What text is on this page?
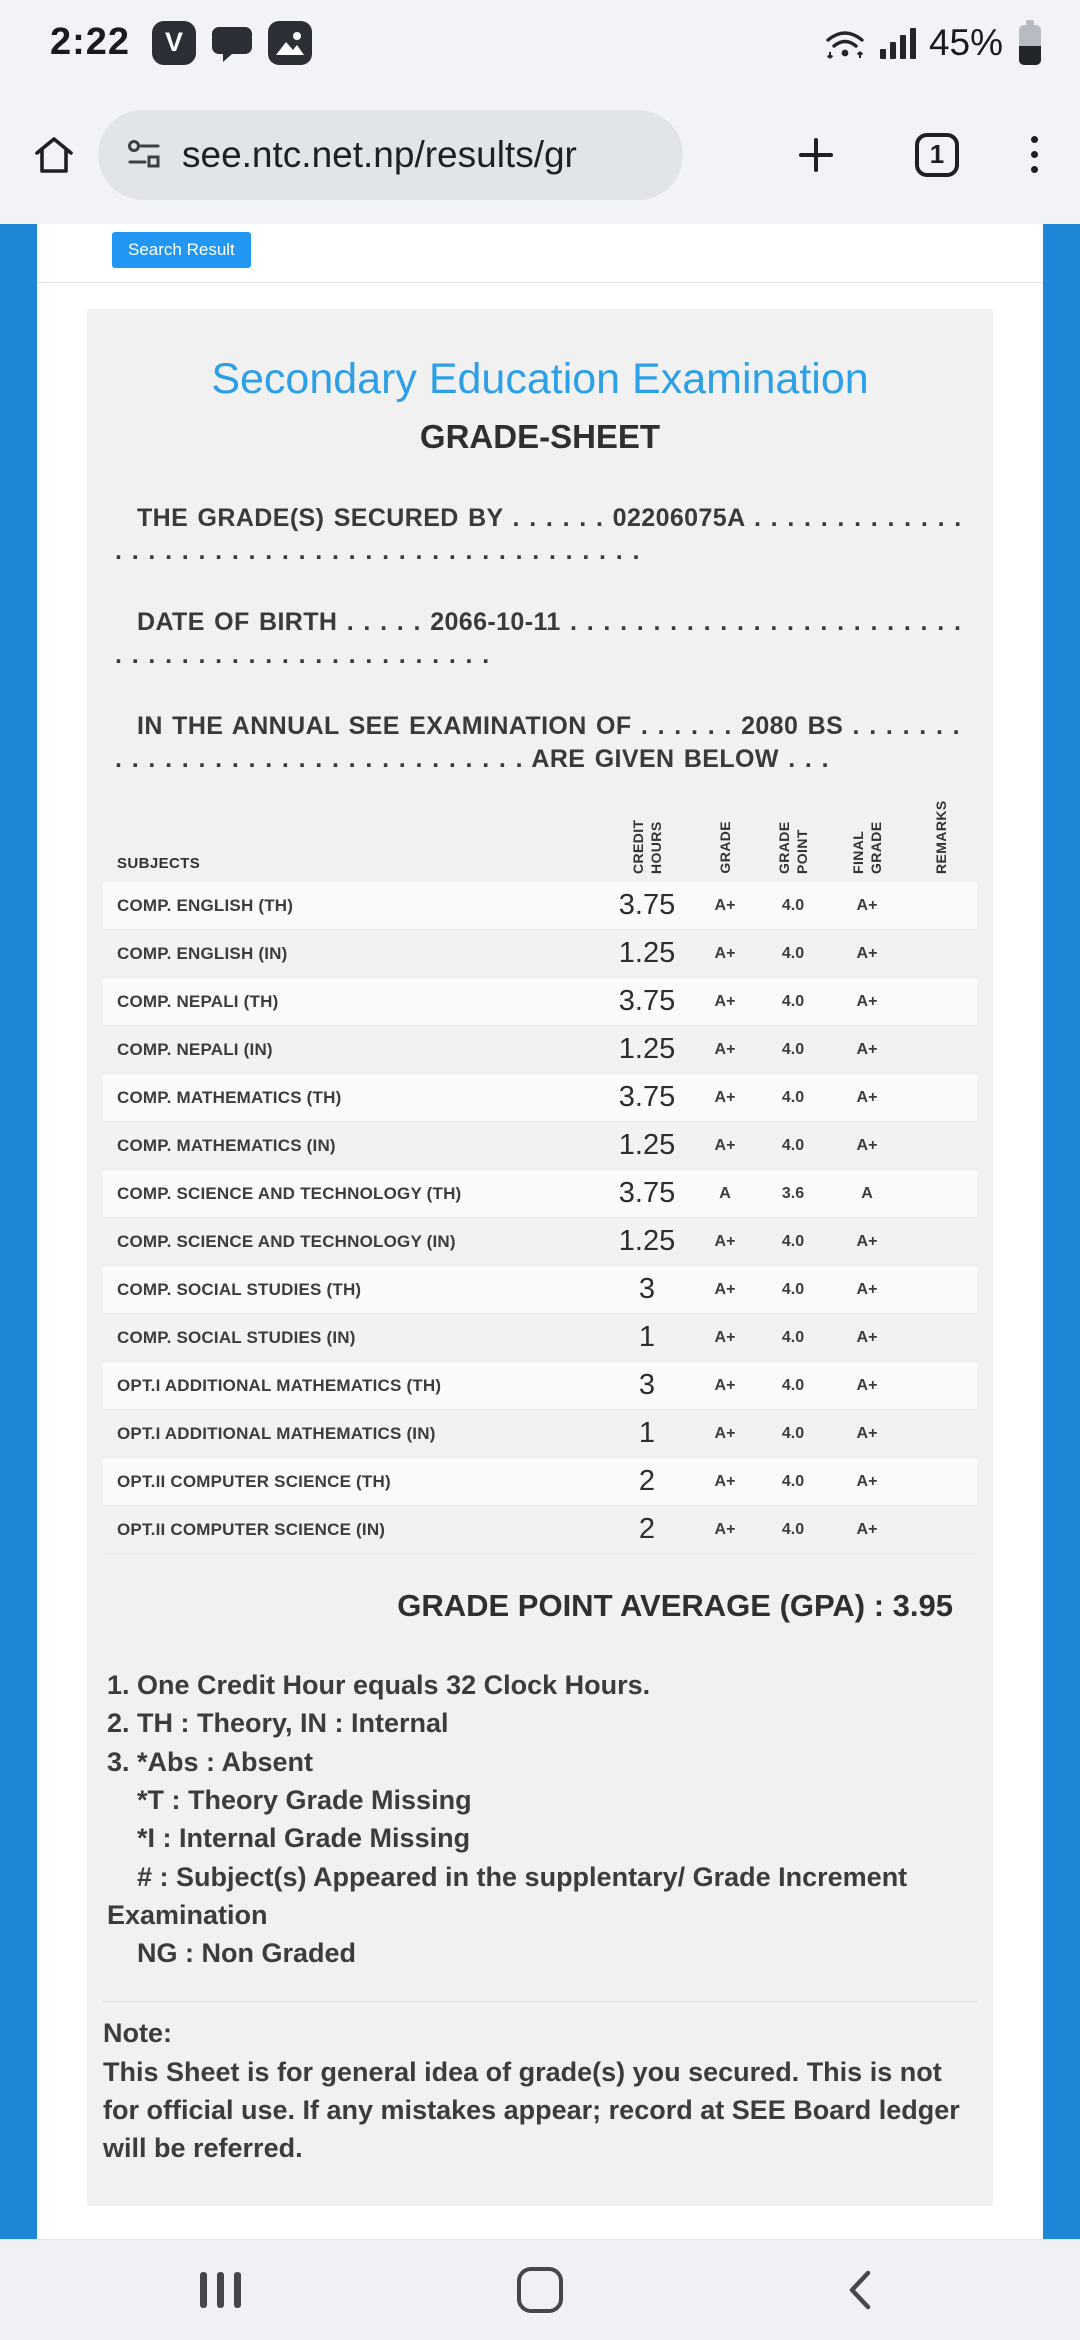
2:22	V	45%
see.ntc.net.np/results/gr	1
Search Result
Secondary Education Examination
GRADE-SHEET

THE GRADE(S) SECURED BY . . . . . . 02206075A . . . . . . . . . . . . . . . . . . . . . . . . . . . . . . . . . . . . . . . . . . . . .

DATE OF BIRTH . . . . . 2066-10-11 . . . . . . . . . . . . . . . . . . . . . . . . . . . . . . . . . . . . . . . . . . . . . . .

IN THE ANNUAL SEE EXAMINATION OF . . . . . . 2080 BS . . . . . . . . . . . . . . . . . . . . . . . . . . . . . . . . ARE GIVEN BELOW . . .

SUBJECTS	CREDIT HOURS	GRADE	GRADE POINT	FINAL GRADE	REMARKS
COMP. ENGLISH (TH)	3.75	A+	4.0	A+
COMP. ENGLISH (IN)	1.25	A+	4.0	A+
COMP. NEPALI (TH)	3.75	A+	4.0	A+
COMP. NEPALI (IN)	1.25	A+	4.0	A+
COMP. MATHEMATICS (TH)	3.75	A+	4.0	A+
COMP. MATHEMATICS (IN)	1.25	A+	4.0	A+
COMP. SCIENCE AND TECHNOLOGY (TH)	3.75	A	3.6	A
COMP. SCIENCE AND TECHNOLOGY (IN)	1.25	A+	4.0	A+
COMP. SOCIAL STUDIES (TH)	3	A+	4.0	A+
COMP. SOCIAL STUDIES (IN)	1	A+	4.0	A+
OPT.I ADDITIONAL MATHEMATICS (TH)	3	A+	4.0	A+
OPT.I ADDITIONAL MATHEMATICS (IN)	1	A+	4.0	A+
OPT.II COMPUTER SCIENCE (TH)	2	A+	4.0	A+
OPT.II COMPUTER SCIENCE (IN)	2	A+	4.0	A+

GRADE POINT AVERAGE (GPA) : 3.95

1. One Credit Hour equals 32 Clock Hours.

2. TH : Theory, IN : Internal

3. *Abs : Absent

*T : Theory Grade Missing

*I : Internal Grade Missing

# : Subject(s) Appeared in the supplentary/ Grade Increment Examination

NG : Non Graded

Note:

This Sheet is for general idea of grade(s) you secured. This is not for official use. If any mistakes appear; record at SEE Board ledger will be referred.
